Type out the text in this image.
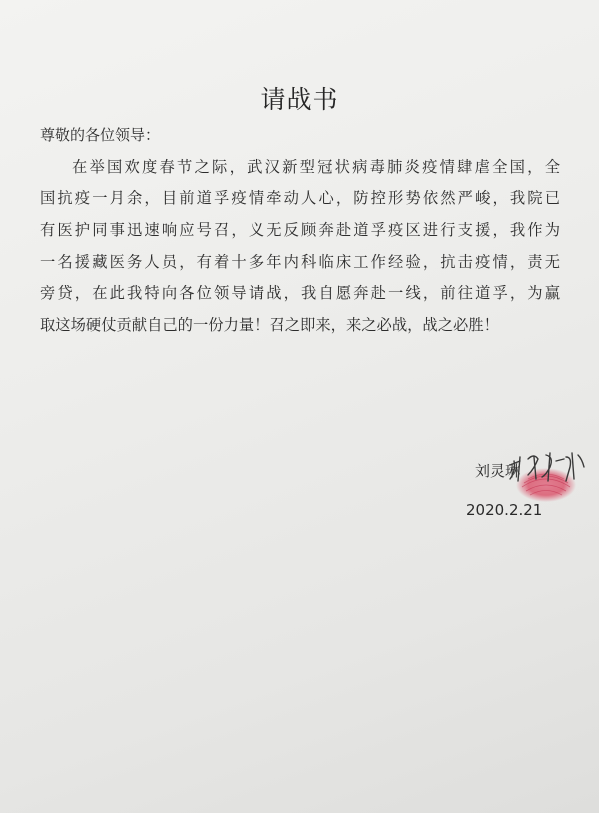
请战书
尊敬的各位领导：
在举国欢度春节之际，武汉新型冠状病毒肺炎疫情肆虐全国，全
国抗疫一月余，目前道孚疫情牵动人心，防控形势依然严峻，我院已
有医护同事迅速响应号召，义无反顾奔赴道孚疫区进行支援，我作为
一名援藏医务人员，有着十多年内科临床工作经验，抗击疫情，责无
旁贷，在此我特向各位领导请战，我自愿奔赴一线，前往道孚，为赢
取这场硬仗贡献自己的一份力量！召之即来，来之必战，战之必胜！
刘灵琳
2020.2.21
